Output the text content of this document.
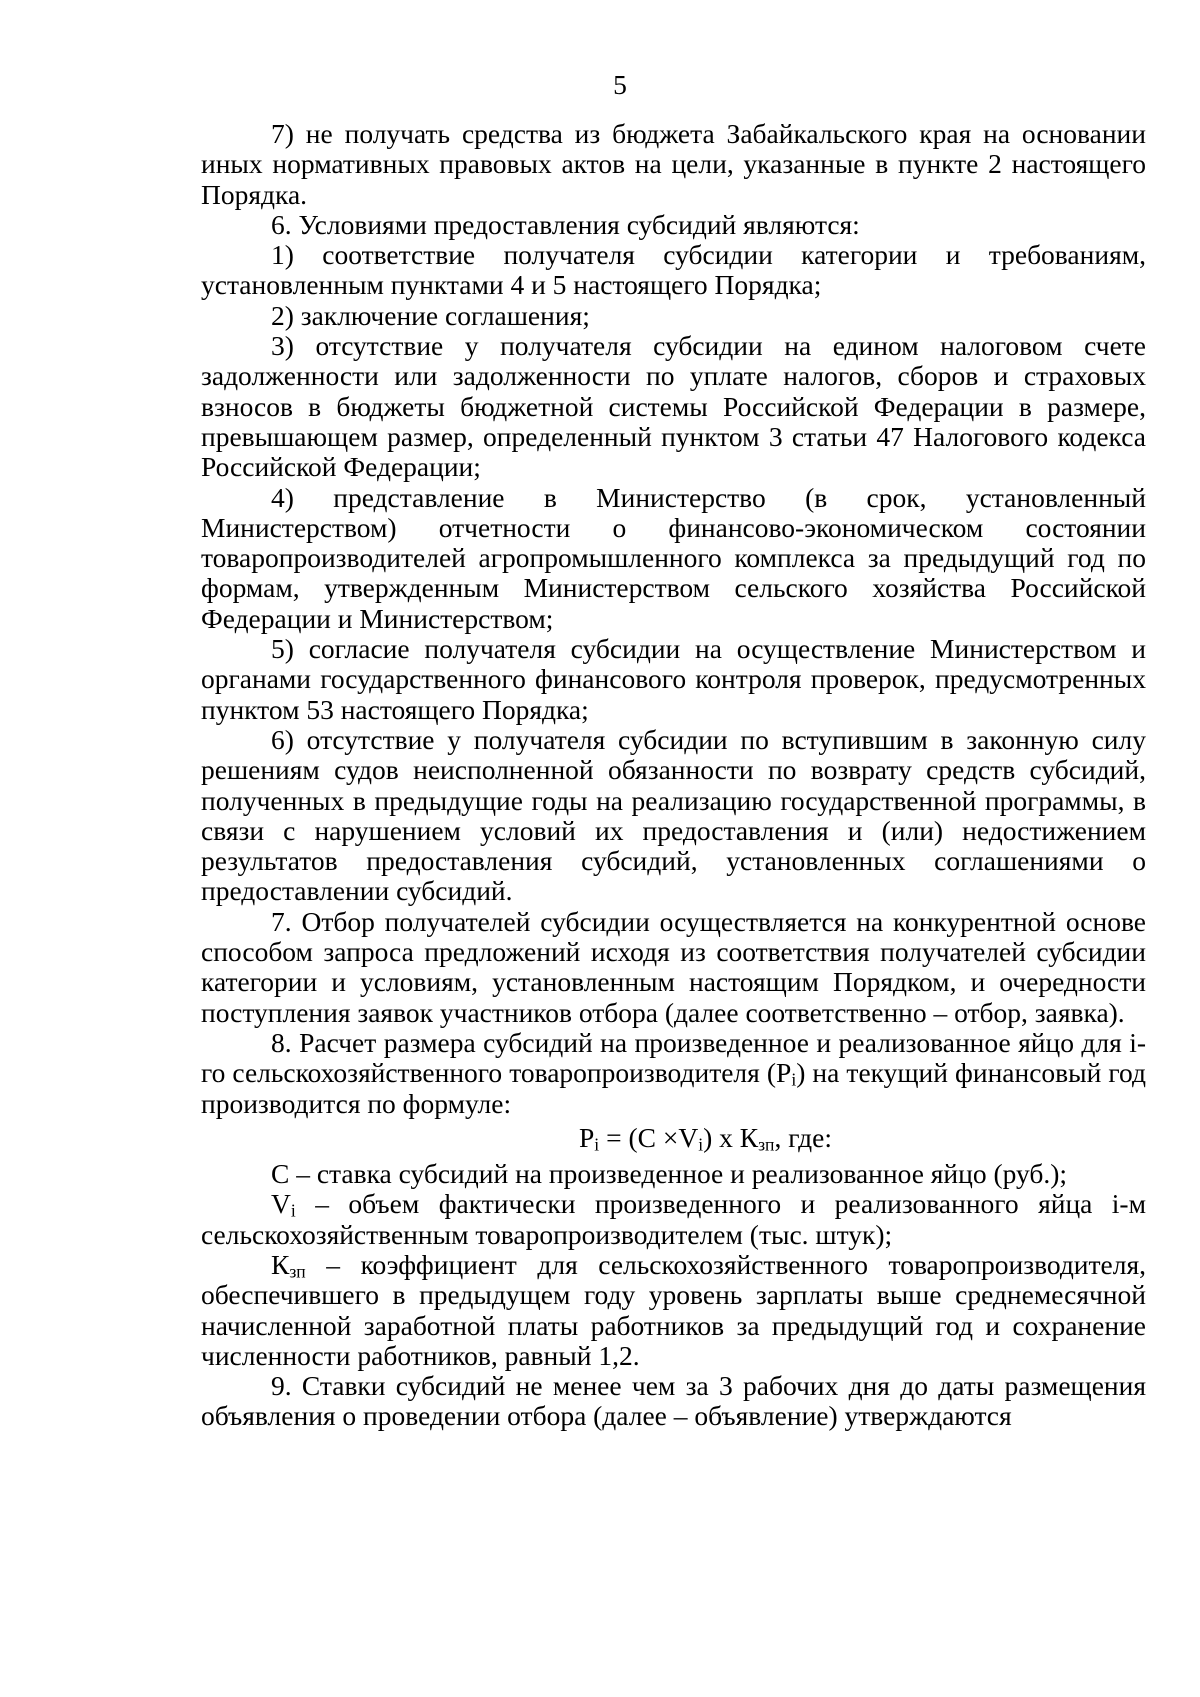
5

7) не получать средства из бюджета Забайкальского края на основании иных нормативных правовых актов на цели, указанные в пункте 2 настоящего Порядка.

6. Условиями предоставления субсидий являются:

1) соответствие получателя субсидии категории и требованиям, установленным пунктами 4 и 5 настоящего Порядка;

2) заключение соглашения;

3) отсутствие у получателя субсидии на едином налоговом счете задолженности или задолженности по уплате налогов, сборов и страховых взносов в бюджеты бюджетной системы Российской Федерации в размере, превышающем размер, определенный пунктом 3 статьи 47 Налогового кодекса Российской Федерации;

4) представление в Министерство (в срок, установленный Министерством) отчетности о финансово-экономическом состоянии товаропроизводителей агропромышленного комплекса за предыдущий год по формам, утвержденным Министерством сельского хозяйства Российской Федерации и Министерством;

5) согласие получателя субсидии на осуществление Министерством и органами государственного финансового контроля проверок, предусмотренных пунктом 53 настоящего Порядка;

6) отсутствие у получателя субсидии по вступившим в законную силу решениям судов неисполненной обязанности по возврату средств субсидий, полученных в предыдущие годы на реализацию государственной программы, в связи с нарушением условий их предоставления и (или) недостижением результатов предоставления субсидий, установленных соглашениями о предоставлении субсидий.

7. Отбор получателей субсидии осуществляется на конкурентной основе способом запроса предложений исходя из соответствия получателей субсидии категории и условиям, установленным настоящим Порядком, и очередности поступления заявок участников отбора (далее соответственно – отбор, заявка).

8. Расчет размера субсидий на произведенное и реализованное яйцо для i-го сельскохозяйственного товаропроизводителя $(P_i)$ на текущий финансовый год производится по формуле:

$P_i = (C \times V_i)$ x $К_{зп}$, где:

С – ставка субсидий на произведенное и реализованное яйцо (руб.);

$V_i$ – объем фактически произведенного и реализованного яйца i-м сельскохозяйственным товаропроизводителем (тыс. штук);

$К_{зп}$ – коэффициент для сельскохозяйственного товаропроизводителя, обеспечившего в предыдущем году уровень зарплаты выше среднемесячной начисленной заработной платы работников за предыдущий год и сохранение численности работников, равный 1,2.

9. Ставки субсидий не менее чем за 3 рабочих дня до даты размещения объявления о проведении отбора (далее – объявление) утверждаются
